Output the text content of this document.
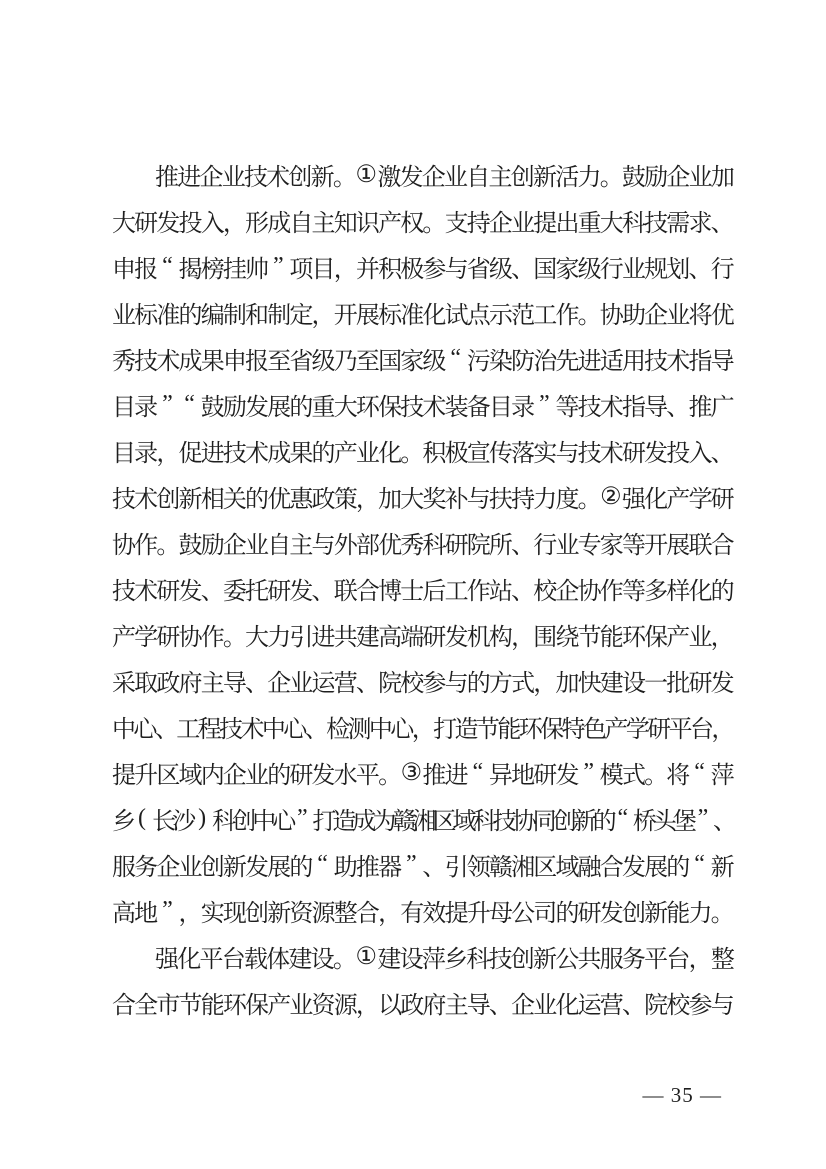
推
进
企
业
技
术
创
新
。
① 激
发
企
业
自
主
创
新
活
力
。
鼓
励
企
业
加
大
研
发
投
入
，
形
成
自
主
知
识
产
权
。
支
持
企
业
提
出
重
大
科
技
需
求
、
申
报 “ 揭
榜
挂
帅 ” 项
目
，
并
积
极
参
与
省
级
、
国
家
级
行
业
规
划
、
行
业
标
准
的
编
制
和
制
定
，
开
展
标
准
化
试
点
示
范
工
作
。
协
助
企
业
将
优
秀
技
术
成
果
申
报
至
省
级
乃
至
国
家
级 “ 污
染
防
治
先
进
适
用
技
术
指
导
目
录 ” “ 鼓
励
发
展
的
重
大
环
保
技
术
装
备
目
录 ” 等
技
术
指
导
、
推
广
目
录
，
促
进
技
术
成
果
的
产
业
化
。
积
极
宣
传
落
实
与
技
术
研
发
投
入
、
技
术
创
新
相
关
的
优
惠
政
策
，
加
大
奖
补
与
扶
持
力
度
。
② 强
化
产
学
研
协
作
。
鼓
励
企
业
自
主
与
外
部
优
秀
科
研
院
所
、
行
业
专
家
等
开
展
联
合
技
术
研
发
、
委
托
研
发
、
联
合
博
士
后
工
作
站
、
校
企
协
作
等
多
样
化
的
产
学
研
协
作
。
大
力
引
进
共
建
高
端
研
发
机
构
，
围
绕
节
能
环
保
产
业
，
采
取
政
府
主
导
、
企
业
运
营
、
院
校
参
与
的
方
式
，
加
快
建
设
一
批
研
发
中
心
、
工
程
技
术
中
心
、
检
测
中
心
，
打
造
节
能
环
保
特
色
产
学
研
平
台
，
提
升
区
域
内
企
业
的
研
发
水
平
。
③ 推
进 “ 异
地
研
发 ” 模
式
。
将 “ 萍
乡 ( 长
沙 ) 科
创
中
心 ” 打
造
成
为
赣
湘
区
域
科
技
协
同
创
新
的 “ 桥
头
堡 ” 、
服
务
企
业
创
新
发
展
的 “ 助
推
器 ” 、
引
领
赣
湘
区
域
融
合
发
展
的 “ 新
高
地 ” ，
实
现
创
新
资
源
整
合
，
有
效
提
升
母
公
司
的
研
发
创
新
能
力
。
强
化
平
台
载
体
建
设
。
① 建
设
萍
乡
科
技
创
新
公
共
服
务
平
台
，
整
合
全
市
节
能
环
保
产
业
资
源
，
以
政
府
主
导
、
企
业
化
运
营
、
院
校
参
与
— 35 —
